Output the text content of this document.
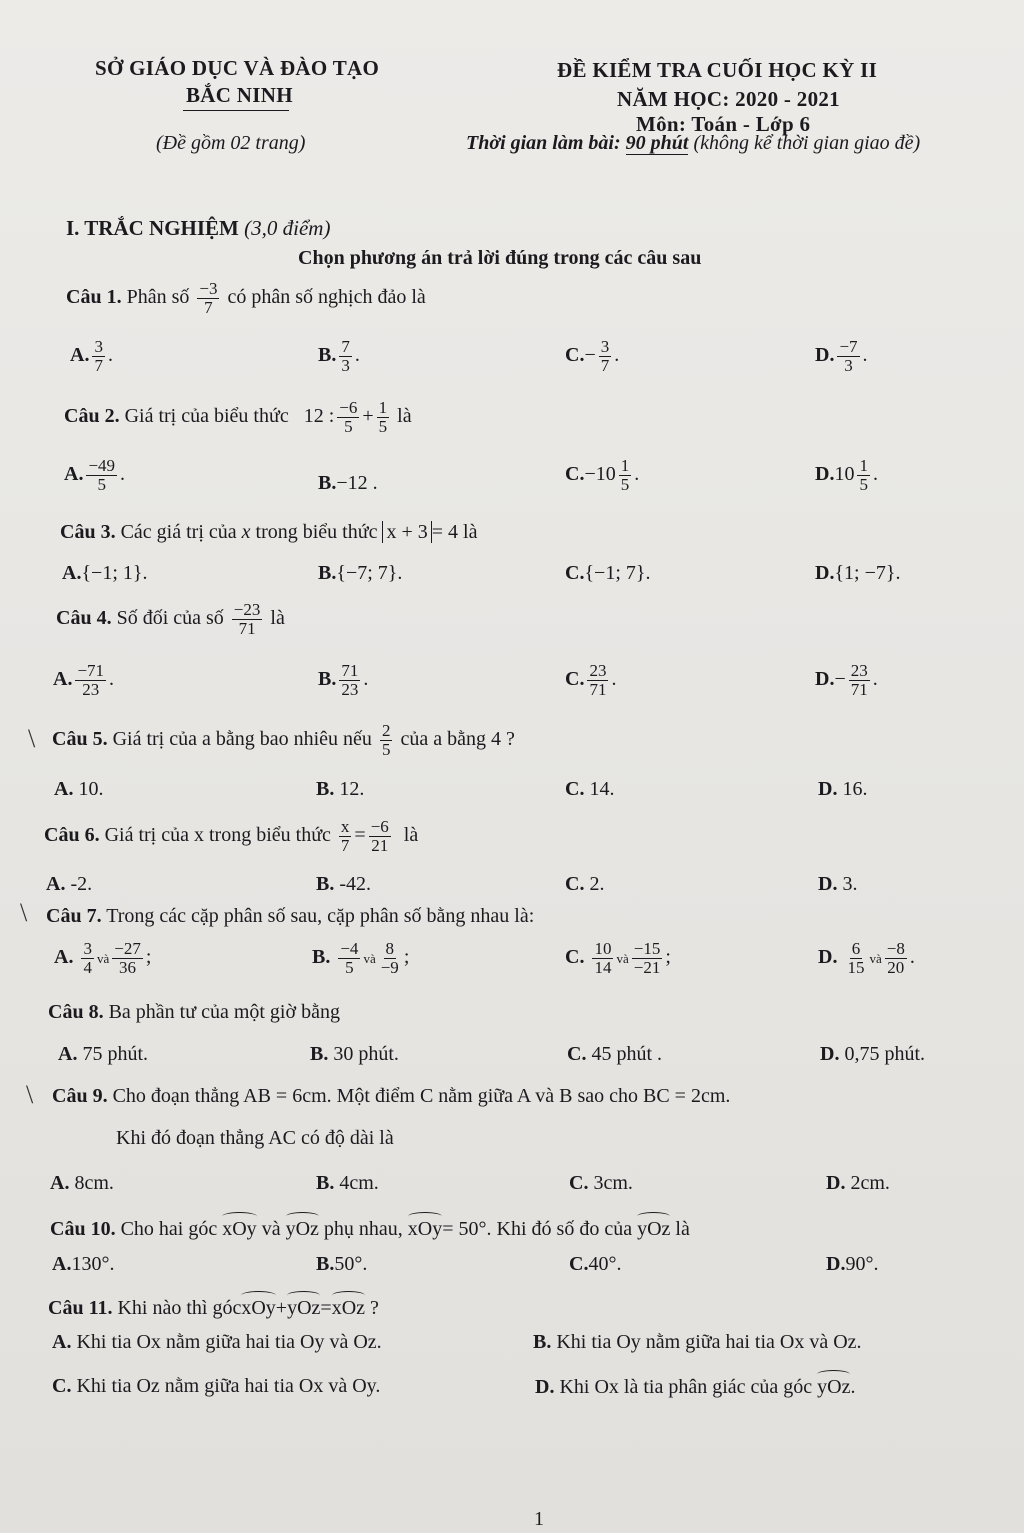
SỞ GIÁO DỤC VÀ ĐÀO TẠO
BẮC NINH
(Đề gồm 02 trang)
ĐỀ KIỂM TRA CUỐI HỌC KỲ II
NĂM HỌC: 2020 - 2021
Môn: Toán - Lớp 6
Thời gian làm bài: 90 phút (không kể thời gian giao đề)
I. TRẮC NGHIỆM (3,0 điểm)
Chọn phương án trả lời đúng trong các câu sau
Câu 1. Phân số $\frac{-3}{7}$ có phân số nghịch đảo là
A. $\frac{3}{7}$ .	B. $\frac{7}{3}$ .	$C.- \frac{3}{7}$ .	D. $\frac{-7}{3}$ .
Câu 2. Giá trị của biểu thức 12 : $\frac{-6}{5} + \frac{1}{5}$ là
A. $\frac{-49}{5}$ .	B.−12 .	$C.-10 \frac{1}{5}$ .	$D.10 \frac{1}{5}$ .
Câu 3. Các giá trị của x trong biểu thức x + 3 = 4 là
A.{−1; 1}.	B.{−7; 7}.	C.{−1; 7}.	D.{1; −7}.
Câu 4. Số đối của số $\frac{-23}{71}$ là
A. $\frac{-71}{23}$ .	B. $\frac{71}{23}$ .	C. $\frac{23}{71}$ .	$D.- \frac{23}{71}$ .
\ Câu 5. Giá trị của a bằng bao nhiêu nếu $\frac{2}{5}$ của a bằng 4 ?
A. 10.	B. 12.	C. 14.	D. 16.
Câu 6. Giá trị của x trong biểu thức $\frac{x}{7} = \frac{-6}{21}$ là
A. -2.	B. -42.	C. 2.	D. 3.
\ Câu 7. Trong các cặp phân số sau, cặp phân số bằng nhau là:
A. $\frac{3}{4}$ và $\frac{-27}{36}$ ;	B. $\frac{-4}{5}$ và $\frac{8}{-9}$ ;	C. $\frac{10}{14}$ và $\frac{-15}{-21}$ ;	D. $\frac{6}{15}$ và $\frac{-8}{20}$ .
Câu 8. Ba phần tư của một giờ bằng
A. 75 phút.	B. 30 phút.	C. 45 phút .	D. 0,75 phút.
\ Câu 9. Cho đoạn thẳng AB = 6cm. Một điểm C nằm giữa A và B sao cho BC = 2cm.
Khi đó đoạn thẳng AC có độ dài là
A. 8cm.	B. 4cm.	C. 3cm.	D. 2cm.
Câu 10. Cho hai góc xOy và yOz phụ nhau, xOy= 50°. Khi đó số đo của yOz là
A.130°.	B.50°.	C.40°.	D.90°.
Câu 11. Khi nào thì gócxOy+yOz=xOz ?
A. Khi tia Ox nằm giữa hai tia Oy và Oz.	B. Khi tia Oy nằm giữa hai tia Ox và Oz.
C. Khi tia Oz nằm giữa hai tia Ox và Oy.	D. Khi Ox là tia phân giác của góc yOz.
1
